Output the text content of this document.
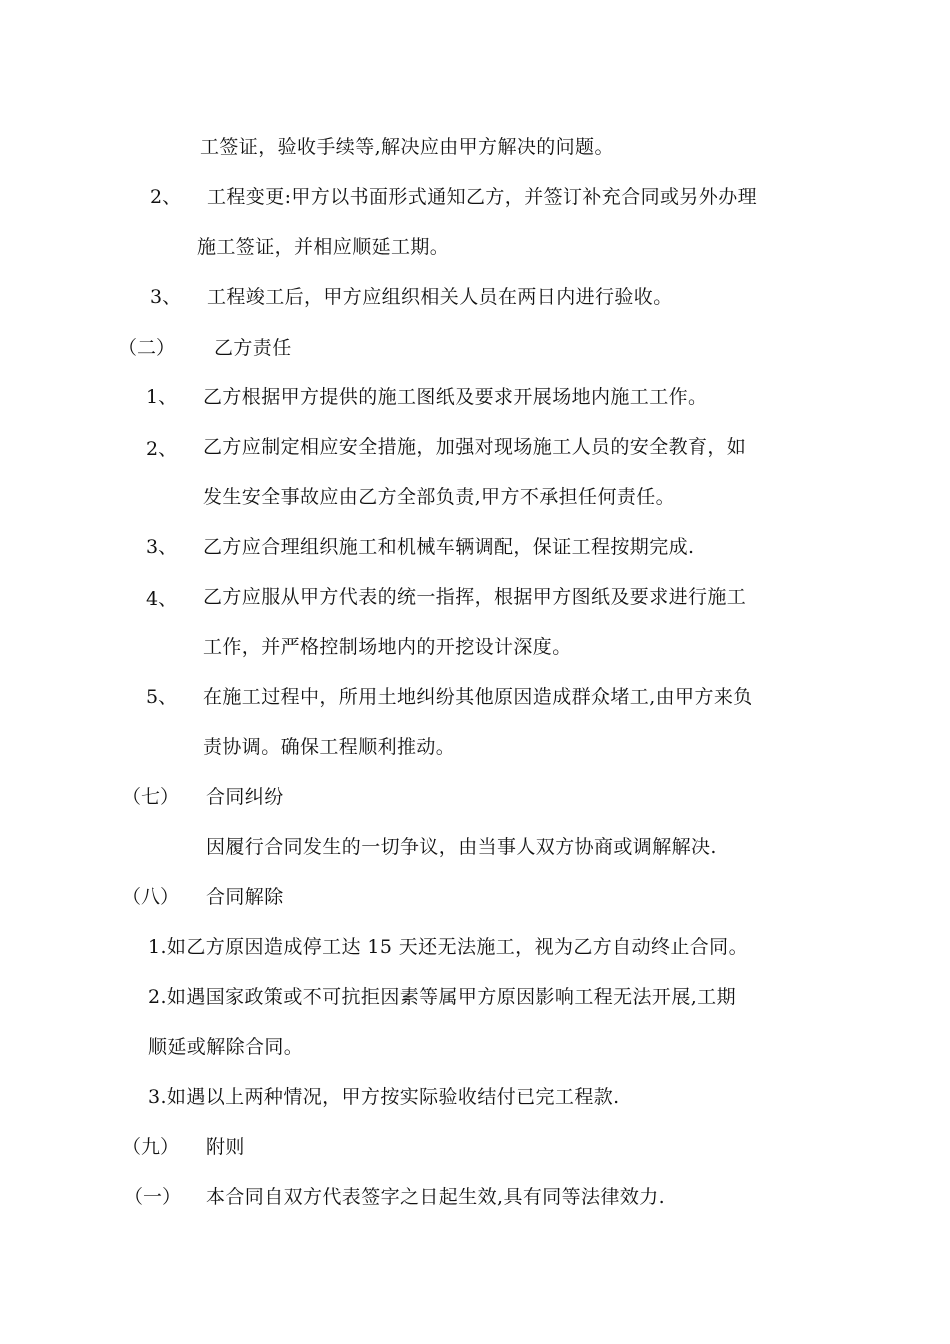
工签证，验收手续等,解决应由甲方解决的问题。
2、 工程变更:甲方以书面形式通知乙方，并签订补充合同或另外办理
施工签证，并相应顺延工期。
3、 工程竣工后，甲方应组织相关人员在两日内进行验收。
（二） 乙方责任
1、 乙方根据甲方提供的施工图纸及要求开展场地内施工工作。
2、 乙方应制定相应安全措施，加强对现场施工人员的安全教育，如
发生安全事故应由乙方全部负责,甲方不承担任何责任。
3、 乙方应合理组织施工和机械车辆调配，保证工程按期完成.
4、 乙方应服从甲方代表的统一指挥，根据甲方图纸及要求进行施工
工作，并严格控制场地内的开挖设计深度。
5、 在施工过程中，所用土地纠纷其他原因造成群众堵工,由甲方来负
责协调。确保工程顺利推动。
（七） 合同纠纷
因履行合同发生的一切争议，由当事人双方协商或调解解决.
（八） 合同解除
1.如乙方原因造成停工达 15 天还无法施工，视为乙方自动终止合同。
2.如遇国家政策或不可抗拒因素等属甲方原因影响工程无法开展,工期
顺延或解除合同。
3.如遇以上两种情况，甲方按实际验收结付已完工程款.
（九） 附则
（一） 本合同自双方代表签字之日起生效,具有同等法律效力.
